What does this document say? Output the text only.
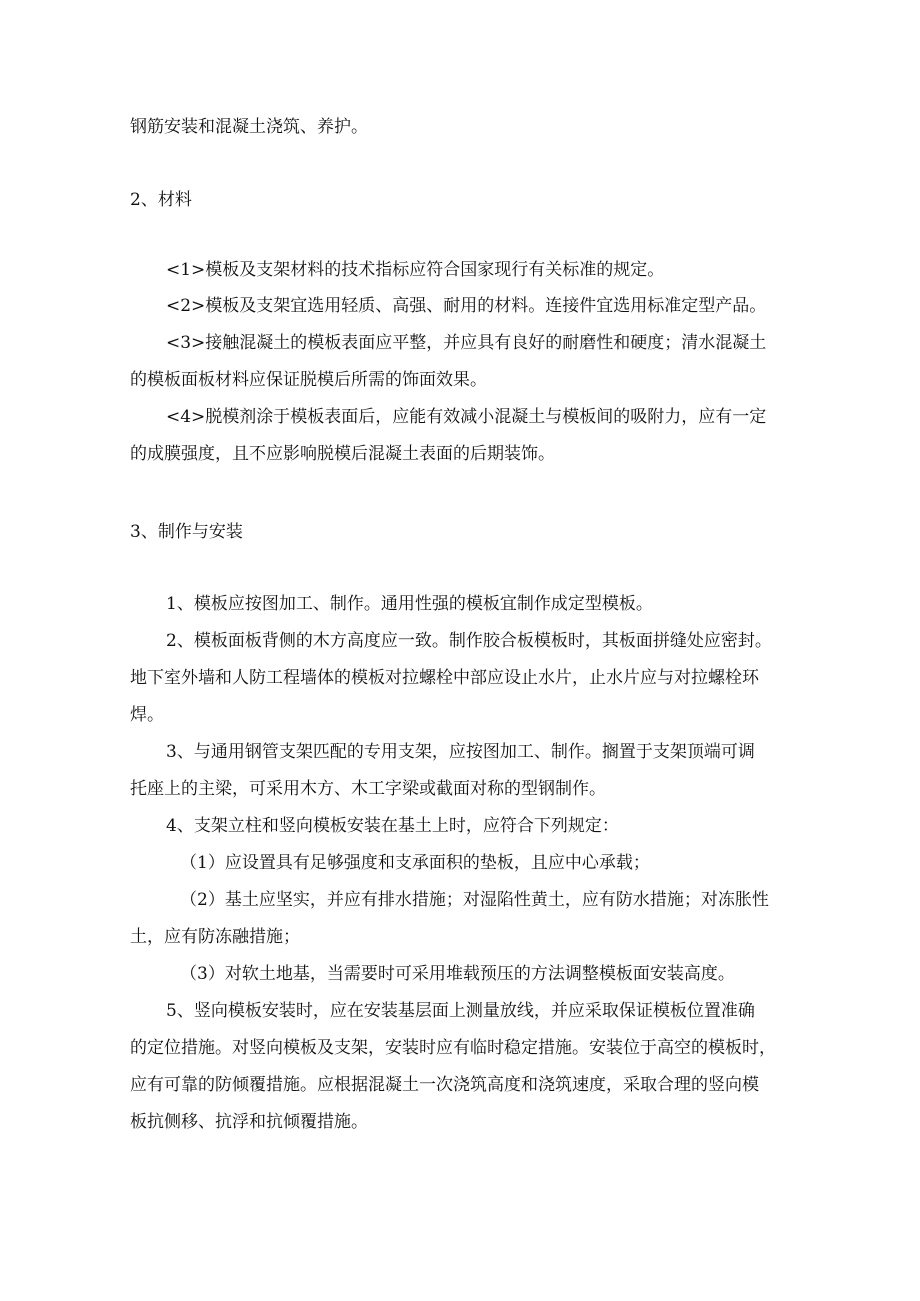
钢筋安装和混凝土浇筑、养护。
2、材料
<1>模板及支架材料的技术指标应符合国家现行有关标准的规定。
<2>模板及支架宜选用轻质、高强、耐用的材料。连接件宜选用标准定型产品。
<3>接触混凝土的模板表面应平整，并应具有良好的耐磨性和硬度；清水混凝土
的模板面板材料应保证脱模后所需的饰面效果。
<4>脱模剂涂于模板表面后，应能有效减小混凝土与模板间的吸附力，应有一定
的成膜强度，且不应影响脱模后混凝土表面的后期装饰。
3、制作与安装
1、模板应按图加工、制作。通用性强的模板宜制作成定型模板。
2、模板面板背侧的木方高度应一致。制作胶合板模板时，其板面拼缝处应密封。
地下室外墙和人防工程墙体的模板对拉螺栓中部应设止水片，止水片应与对拉螺栓环
焊。
3、与通用钢管支架匹配的专用支架，应按图加工、制作。搁置于支架顶端可调
托座上的主梁，可采用木方、木工字梁或截面对称的型钢制作。
4、支架立柱和竖向模板安装在基土上时，应符合下列规定：
（1）应设置具有足够强度和支承面积的垫板，且应中心承载；
（2）基土应坚实，并应有排水措施；对湿陷性黄土，应有防水措施；对冻胀性
土，应有防冻融措施；
（3）对软土地基，当需要时可采用堆载预压的方法调整模板面安装高度。
5、竖向模板安装时，应在安装基层面上测量放线，并应采取保证模板位置准确
的定位措施。对竖向模板及支架，安装时应有临时稳定措施。安装位于高空的模板时，
应有可靠的防倾覆措施。应根据混凝土一次浇筑高度和浇筑速度，采取合理的竖向模
板抗侧移、抗浮和抗倾覆措施。
